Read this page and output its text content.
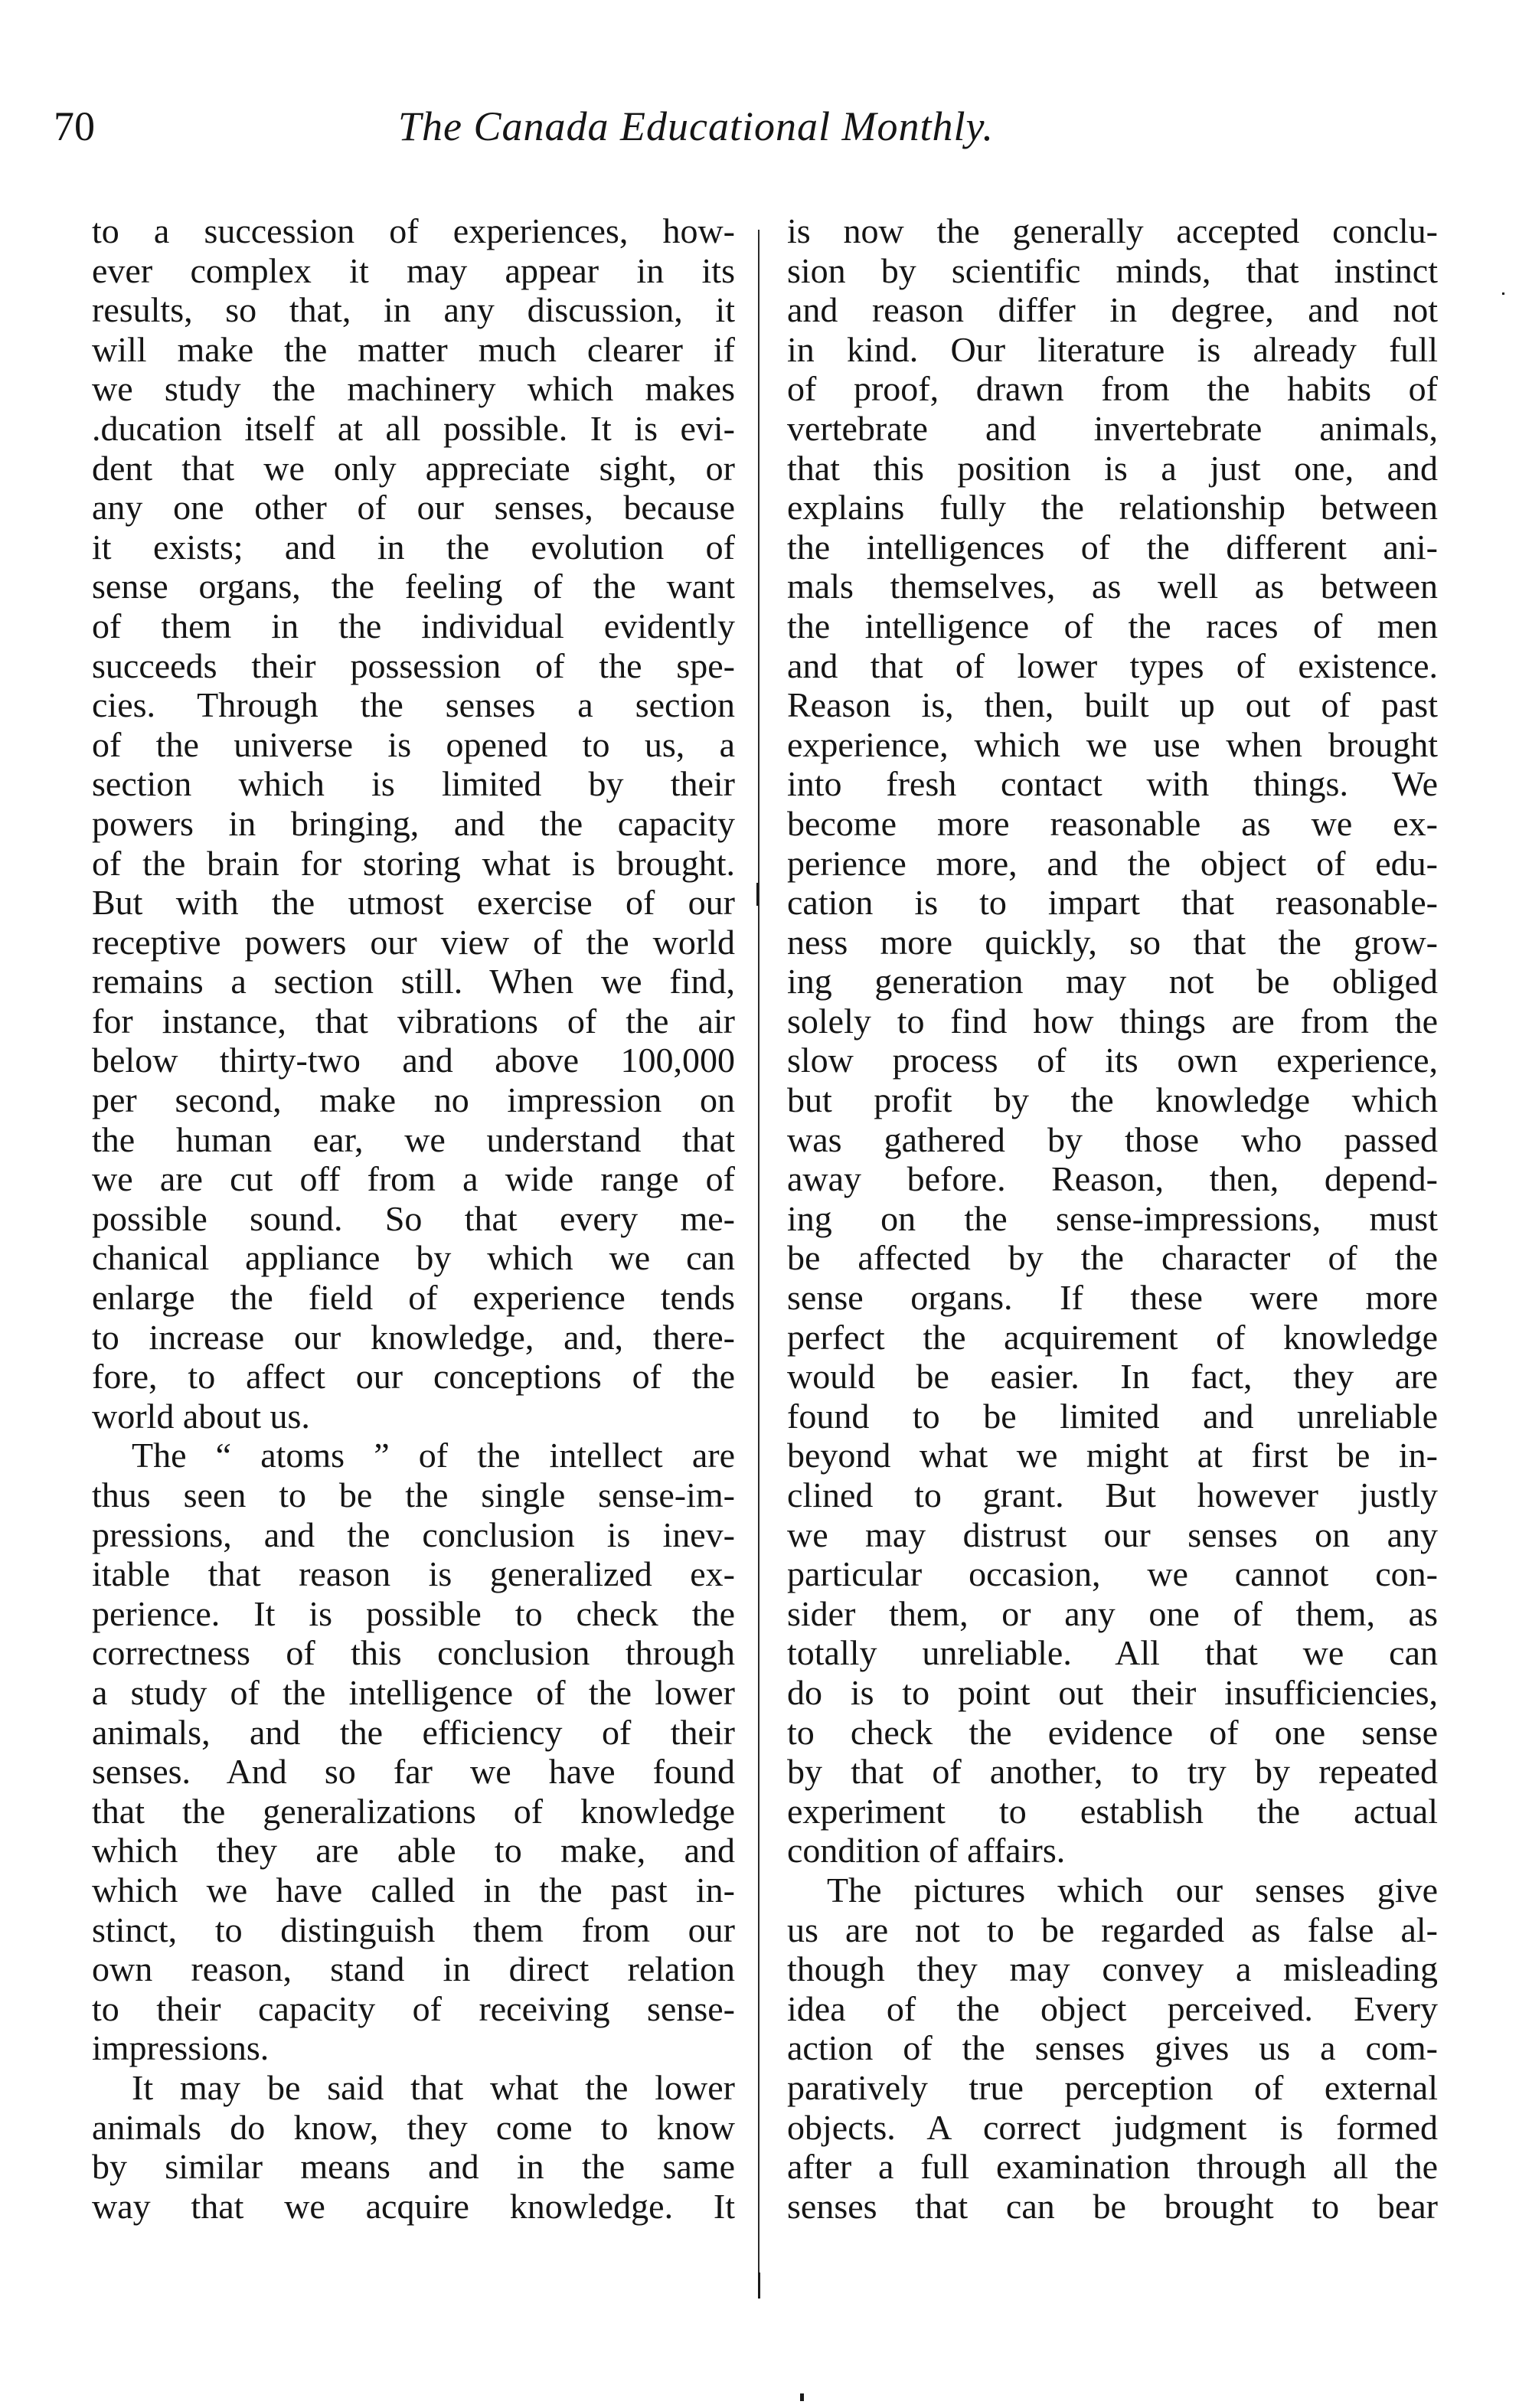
70	The Canada Educational Monthly.
to a succession of experiences, how-
ever complex it may appear in its
results, so that, in any discussion, it
will make the matter much clearer if
we study the machinery which makes
.ducation itself at all possible. It is evi-
dent that we only appreciate sight, or
any one other of our senses, because
it exists; and in the evolution of
sense organs, the feeling of the want
of them in the individual evidently
succeeds their possession of the spe-
cies. Through the senses a section
of the universe is opened to us, a
section which is limited by their
powers in bringing, and the capacity
of the brain for storing what is brought.
But with the utmost exercise of our
receptive powers our view of the world
remains a section still. When we find,
for instance, that vibrations of the air
below thirty-two and above 100,000
per second, make no impression on
the human ear, we understand that
we are cut off from a wide range of
possible sound. So that every me-
chanical appliance by which we can
enlarge the field of experience tends
to increase our knowledge, and, there-
fore, to affect our conceptions of the
world about us.
The “ atoms ” of the intellect are
thus seen to be the single sense-im-
pressions, and the conclusion is inev-
itable that reason is generalized ex-
perience. It is possible to check the
correctness of this conclusion through
a study of the intelligence of the lower
animals, and the efficiency of their
senses. And so far we have found
that the generalizations of knowledge
which they are able to make, and
which we have called in the past in-
stinct, to distinguish them from our
own reason, stand in direct relation
to their capacity of receiving sense-
impressions.
It may be said that what the lower
animals do know, they come to know
by similar means and in the same
way that we acquire knowledge. It
is now the generally accepted conclu-
sion by scientific minds, that instinct
and reason differ in degree, and not
in kind. Our literature is already full
of proof, drawn from the habits of
vertebrate and invertebrate animals,
that this position is a just one, and
explains fully the relationship between
the intelligences of the different ani-
mals themselves, as well as between
the intelligence of the races of men
and that of lower types of existence.
Reason is, then, built up out of past
experience, which we use when brought
into fresh contact with things. We
become more reasonable as we ex-
perience more, and the object of edu-
cation is to impart that reasonable-
ness more quickly, so that the grow-
ing generation may not be obliged
solely to find how things are from the
slow process of its own experience,
but profit by the knowledge which
was gathered by those who passed
away before. Reason, then, depend-
ing on the sense-impressions, must
be affected by the character of the
sense organs. If these were more
perfect the acquirement of knowledge
would be easier. In fact, they are
found to be limited and unreliable
beyond what we might at first be in-
clined to grant. But however justly
we may distrust our senses on any
particular occasion, we cannot con-
sider them, or any one of them, as
totally unreliable. All that we can
do is to point out their insufficiencies,
to check the evidence of one sense
by that of another, to try by repeated
experiment to establish the actual
condition of affairs.
The pictures which our senses give
us are not to be regarded as false al-
though they may convey a misleading
idea of the object perceived. Every
action of the senses gives us a com-
paratively true perception of external
objects. A correct judgment is formed
after a full examination through all the
senses that can be brought to bear
